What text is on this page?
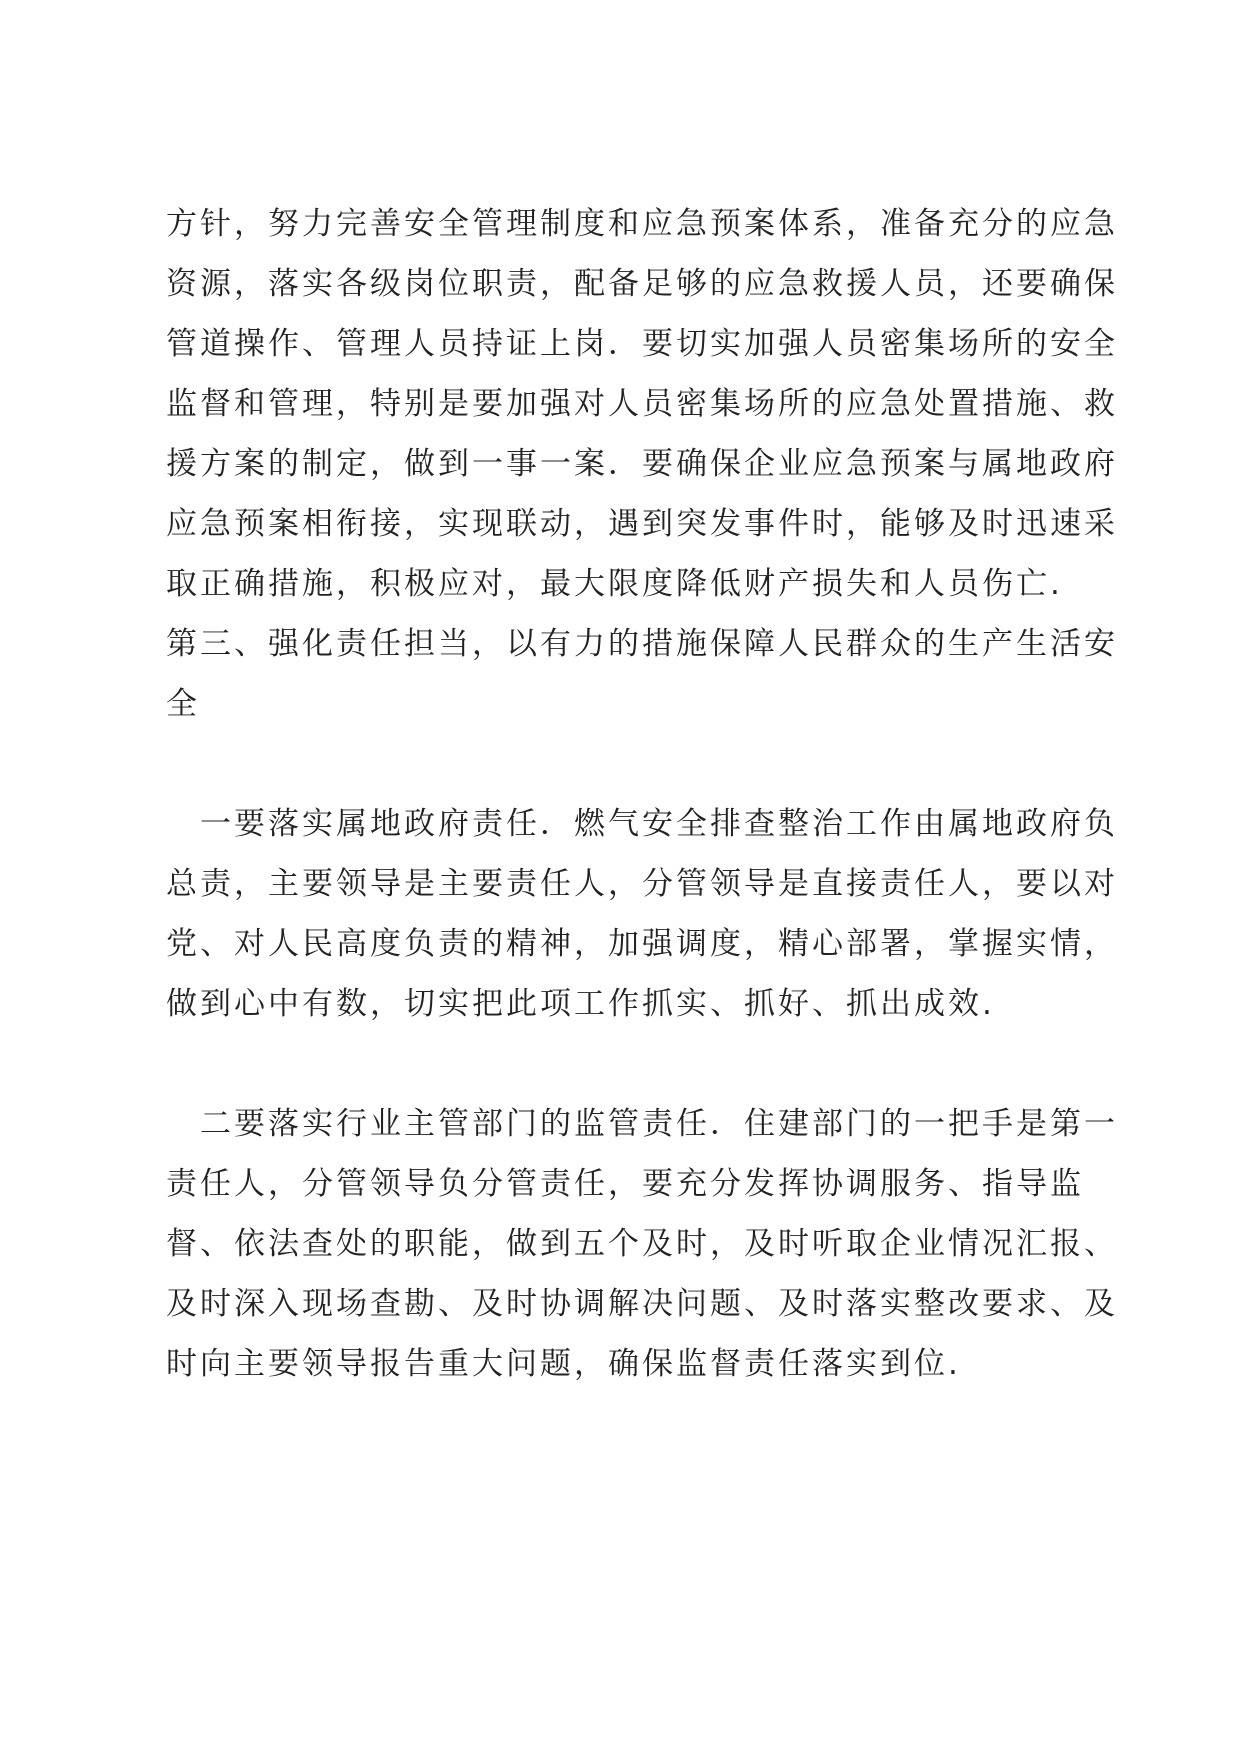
方针，努力完善安全管理制度和应急预案体系，准备充分的应急
资源，落实各级岗位职责，配备足够的应急救援人员，还要确保
管道操作、管理人员持证上岗．要切实加强人员密集场所的安全
监督和管理，特别是要加强对人员密集场所的应急处置措施、救
援方案的制定，做到一事一案．要确保企业应急预案与属地政府
应急预案相衔接，实现联动，遇到突发事件时，能够及时迅速采
取正确措施，积极应对，最大限度降低财产损失和人员伤亡.
第三、强化责任担当，以有力的措施保障人民群众的生产生活安
全
一要落实属地政府责任．燃气安全排查整治工作由属地政府负
总责，主要领导是主要责任人，分管领导是直接责任人，要以对
党、对人民高度负责的精神，加强调度，精心部署，掌握实情，
做到心中有数，切实把此项工作抓实、抓好、抓出成效.
二要落实行业主管部门的监管责任．住建部门的一把手是第一
责任人，分管领导负分管责任，要充分发挥协调服务、指导监
督、依法查处的职能，做到五个及时，及时听取企业情况汇报、
及时深入现场查勘、及时协调解决问题、及时落实整改要求、及
时向主要领导报告重大问题，确保监督责任落实到位.
